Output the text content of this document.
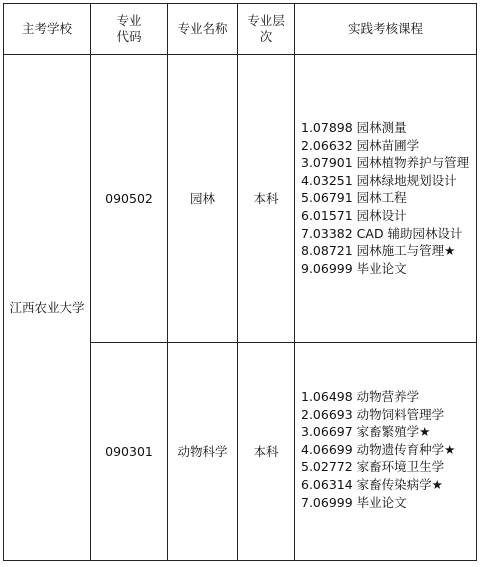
主考学校
专业
代码
专业名称
专业层
次
实践考核课程
江西农业大学
090502	园林	本科
1.07898 园林测量
2.06632 园林苗圃学
3.07901 园林植物养护与管理
4.03251 园林绿地规划设计
5.06791 园林工程
6.01571 园林设计
7.03382 CAD 辅助园林设计
8.08721 园林施工与管理★
9.06999 毕业论文
090301 动物科学 本科
1.06498 动物营养学
2.06693 动物饲料管理学
3.06697 家畜繁殖学★
4.06699 动物遗传育种学★
5.02772 家畜环境卫生学
6.06314 家畜传染病学★
7.06999 毕业论文
